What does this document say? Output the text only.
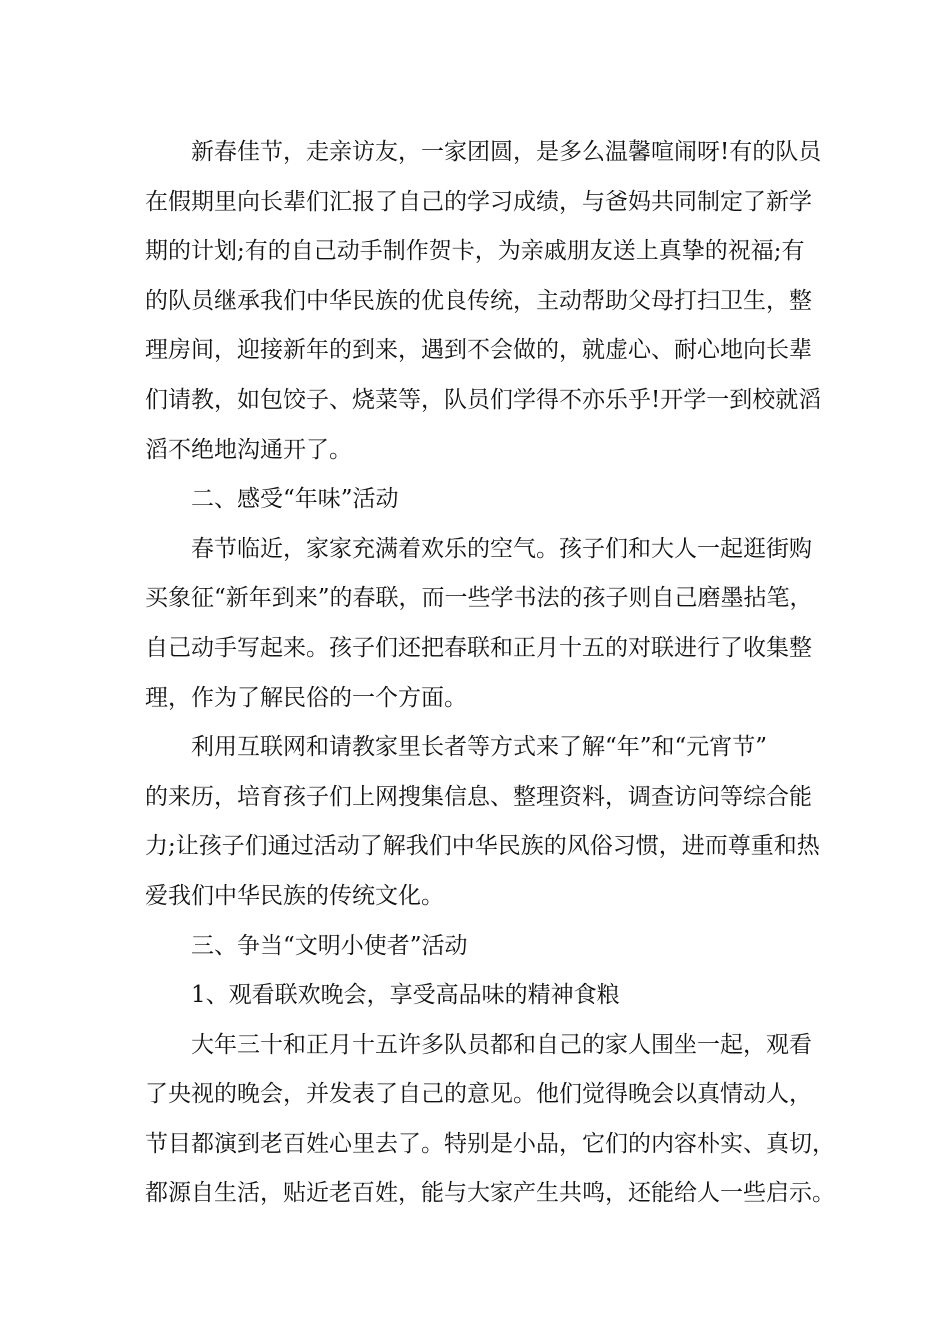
新春佳节，走亲访友，一家团圆，是多么温馨喧闹呀!有的队员
在假期里向长辈们汇报了自己的学习成绩，与爸妈共同制定了新学
期的计划;有的自己动手制作贺卡，为亲戚朋友送上真挚的祝福;有
的队员继承我们中华民族的优良传统，主动帮助父母打扫卫生，整
理房间，迎接新年的到来，遇到不会做的，就虚心、耐心地向长辈
们请教，如包饺子、烧菜等，队员们学得不亦乐乎!开学一到校就滔
滔不绝地沟通开了。
二、感受“年味”活动
春节临近，家家充满着欢乐的空气。孩子们和大人一起逛街购
买象征“新年到来”的春联，而一些学书法的孩子则自己磨墨拈笔，
自己动手写起来。孩子们还把春联和正月十五的对联进行了收集整
理，作为了解民俗的一个方面。
利用互联网和请教家里长者等方式来了解“年”和“元宵节”
的来历，培育孩子们上网搜集信息、整理资料，调查访问等综合能
力;让孩子们通过活动了解我们中华民族的风俗习惯，进而尊重和热
爱我们中华民族的传统文化。
三、争当“文明小使者”活动
1、观看联欢晚会，享受高品味的精神食粮
大年三十和正月十五许多队员都和自己的家人围坐一起，观看
了央视的晚会，并发表了自己的意见。他们觉得晚会以真情动人，
节目都演到老百姓心里去了。特别是小品，它们的内容朴实、真切，
都源自生活，贴近老百姓，能与大家产生共鸣，还能给人一些启示。
